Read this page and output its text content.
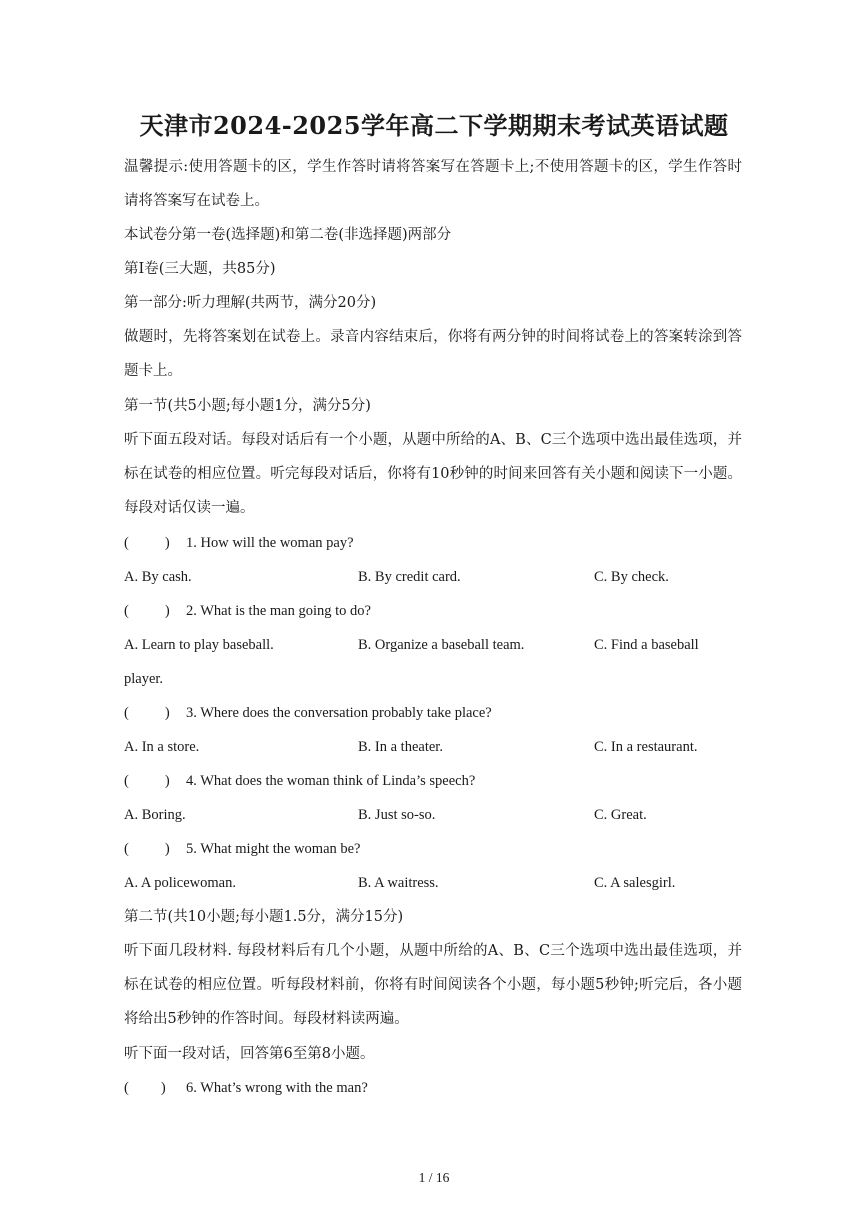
天津市2024-2025学年高二下学期期末考试英语试题
温馨提示:使用答题卡的区，学生作答时请将答案写在答题卡上;不使用答题卡的区，学生作答时请将答案写在试卷上。
本试卷分第一卷(选择题)和第二卷(非选择题)两部分
第Ⅰ卷(三大题，共85分)
第一部分:听力理解(共两节，满分20分)
做题时，先将答案划在试卷上。录音内容结束后，你将有两分钟的时间将试卷上的答案转涂到答题卡上。
第一节(共5小题;每小题1分，满分5分)
听下面五段对话。每段对话后有一个小题，从题中所给的A、B、C三个选项中选出最佳选项，并标在试卷的相应位置。听完每段对话后，你将有10秒钟的时间来回答有关小题和阅读下一小题。每段对话仅读一遍。
( ) 1. How will the woman pay?
A. By cash.	B. By credit card.	C. By check.
( ) 2. What is the man going to do?
A. Learn to play baseball.	B. Organize a baseball team.	C. Find a baseball
player.
( ) 3. Where does the conversation probably take place?
A. In a store.	B. In a theater.	C. In a restaurant.
( ) 4. What does the woman think of Linda’s speech?
A. Boring.	B. Just so-so.	C. Great.
( ) 5. What might the woman be?
A. A policewoman.	B. A waitress.	C. A salesgirl.
第二节(共10小题;每小题1.5分，满分15分)
听下面几段材料. 每段材料后有几个小题，从题中所给的A、B、C三个选项中选出最佳选项，并标在试卷的相应位置。听每段材料前，你将有时间阅读各个小题，每小题5秒钟;听完后，各小题将给出5秒钟的作答时间。每段材料读两遍。
听下面一段对话，回答第6至第8小题。
( ) 6. What’s wrong with the man?
1 / 16
